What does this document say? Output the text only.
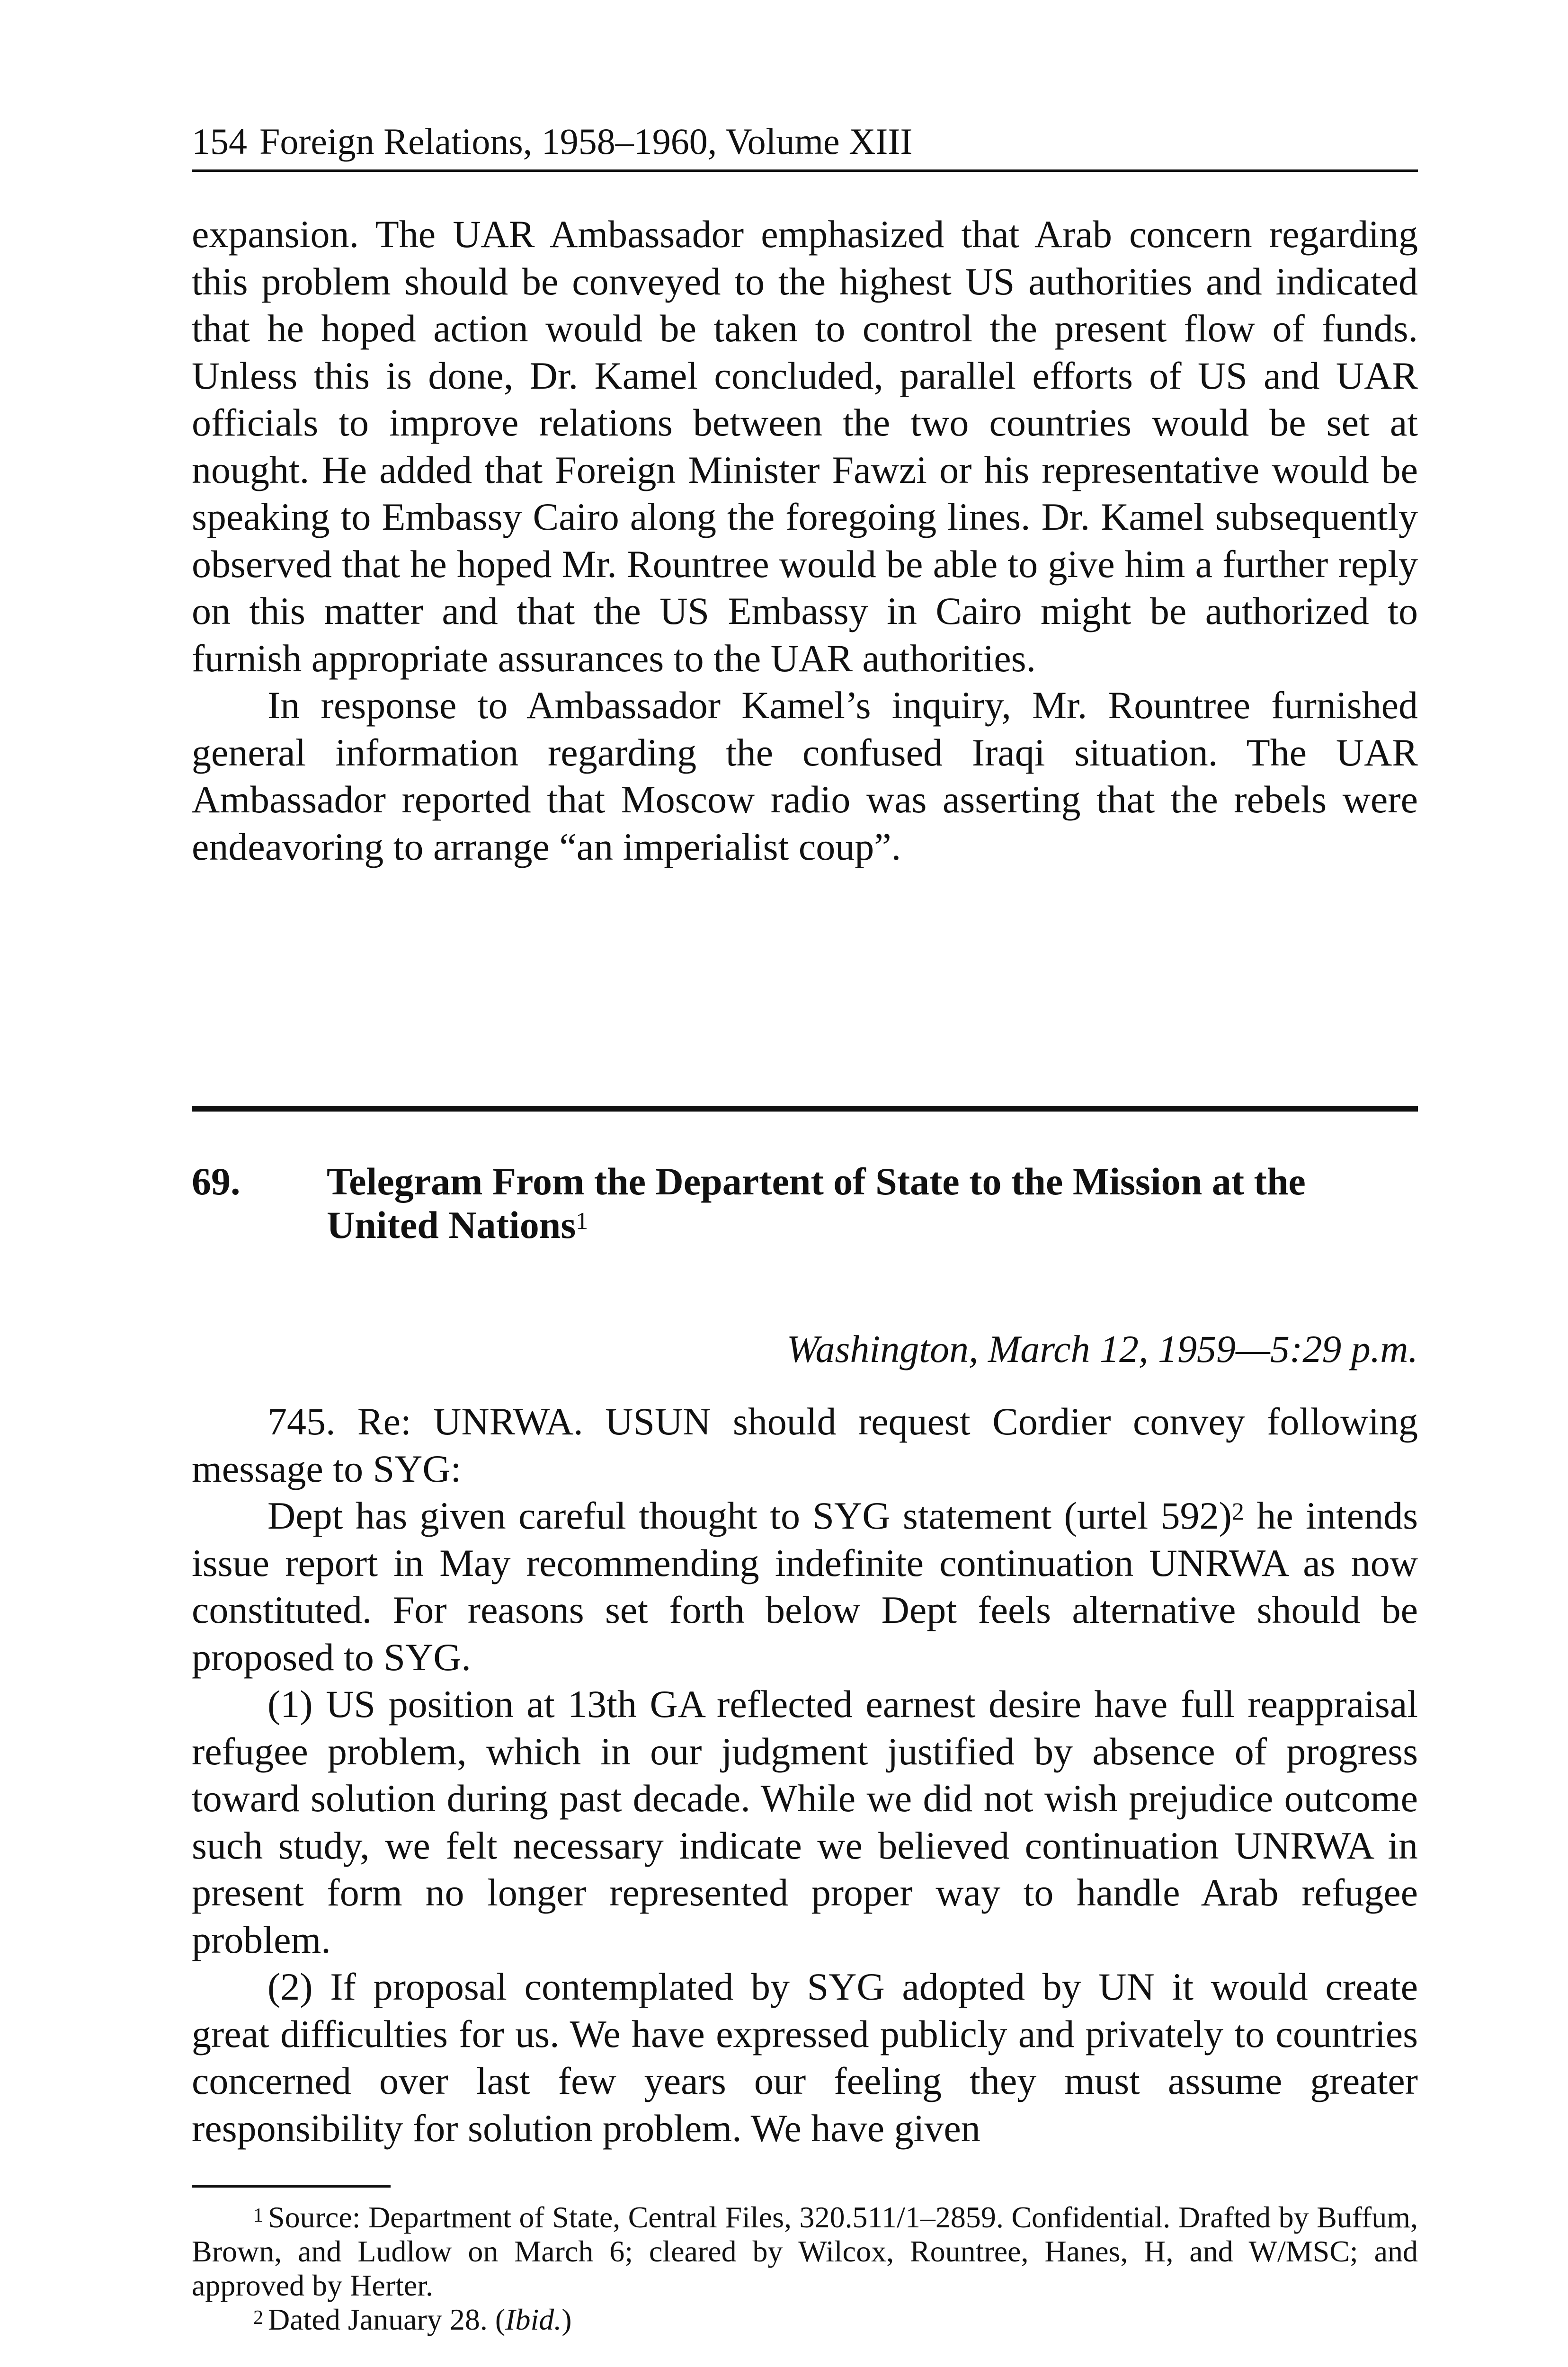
154 Foreign Relations, 1958–1960, Volume XIII

expansion. The UAR Ambassador emphasized that Arab concern regarding this problem should be conveyed to the highest US authorities and indicated that he hoped action would be taken to control the present flow of funds. Unless this is done, Dr. Kamel concluded, parallel efforts of US and UAR officials to improve relations between the two countries would be set at nought. He added that Foreign Minister Fawzi or his representative would be speaking to Embassy Cairo along the foregoing lines. Dr. Kamel subsequently observed that he hoped Mr. Rountree would be able to give him a further reply on this matter and that the US Embassy in Cairo might be authorized to furnish appropriate assurances to the UAR authorities.

In response to Ambassador Kamel’s inquiry, Mr. Rountree furnished general information regarding the confused Iraqi situation. The UAR Ambassador reported that Moscow radio was asserting that the rebels were endeavoring to arrange “an imperialist coup”.

69. Telegram From the Departent of State to the Mission at the United Nations$^1$
Washington, March 12, 1959—5:29 p.m.

745. Re: UNRWA. USUN should request Cordier convey following message to SYG:

Dept has given careful thought to SYG statement (urtel 592)$^2$ he intends issue report in May recommending indefinite continuation UNRWA as now constituted. For reasons set forth below Dept feels alternative should be proposed to SYG.

(1) US position at 13th GA reflected earnest desire have full reappraisal refugee problem, which in our judgment justified by absence of progress toward solution during past decade. While we did not wish prejudice outcome such study, we felt necessary indicate we believed continuation UNRWA in present form no longer represented proper way to handle Arab refugee problem.

(2) If proposal contemplated by SYG adopted by UN it would create great difficulties for us. We have expressed publicly and privately to countries concerned over last few years our feeling they must assume greater responsibility for solution problem. We have given

$^1$ Source: Department of State, Central Files, 320.511/1–2859. Confidential. Drafted by Buffum, Brown, and Ludlow on March 6; cleared by Wilcox, Rountree, Hanes, H, and W/MSC; and approved by Herter.

$^2$ Dated January 28. (Ibid.)
